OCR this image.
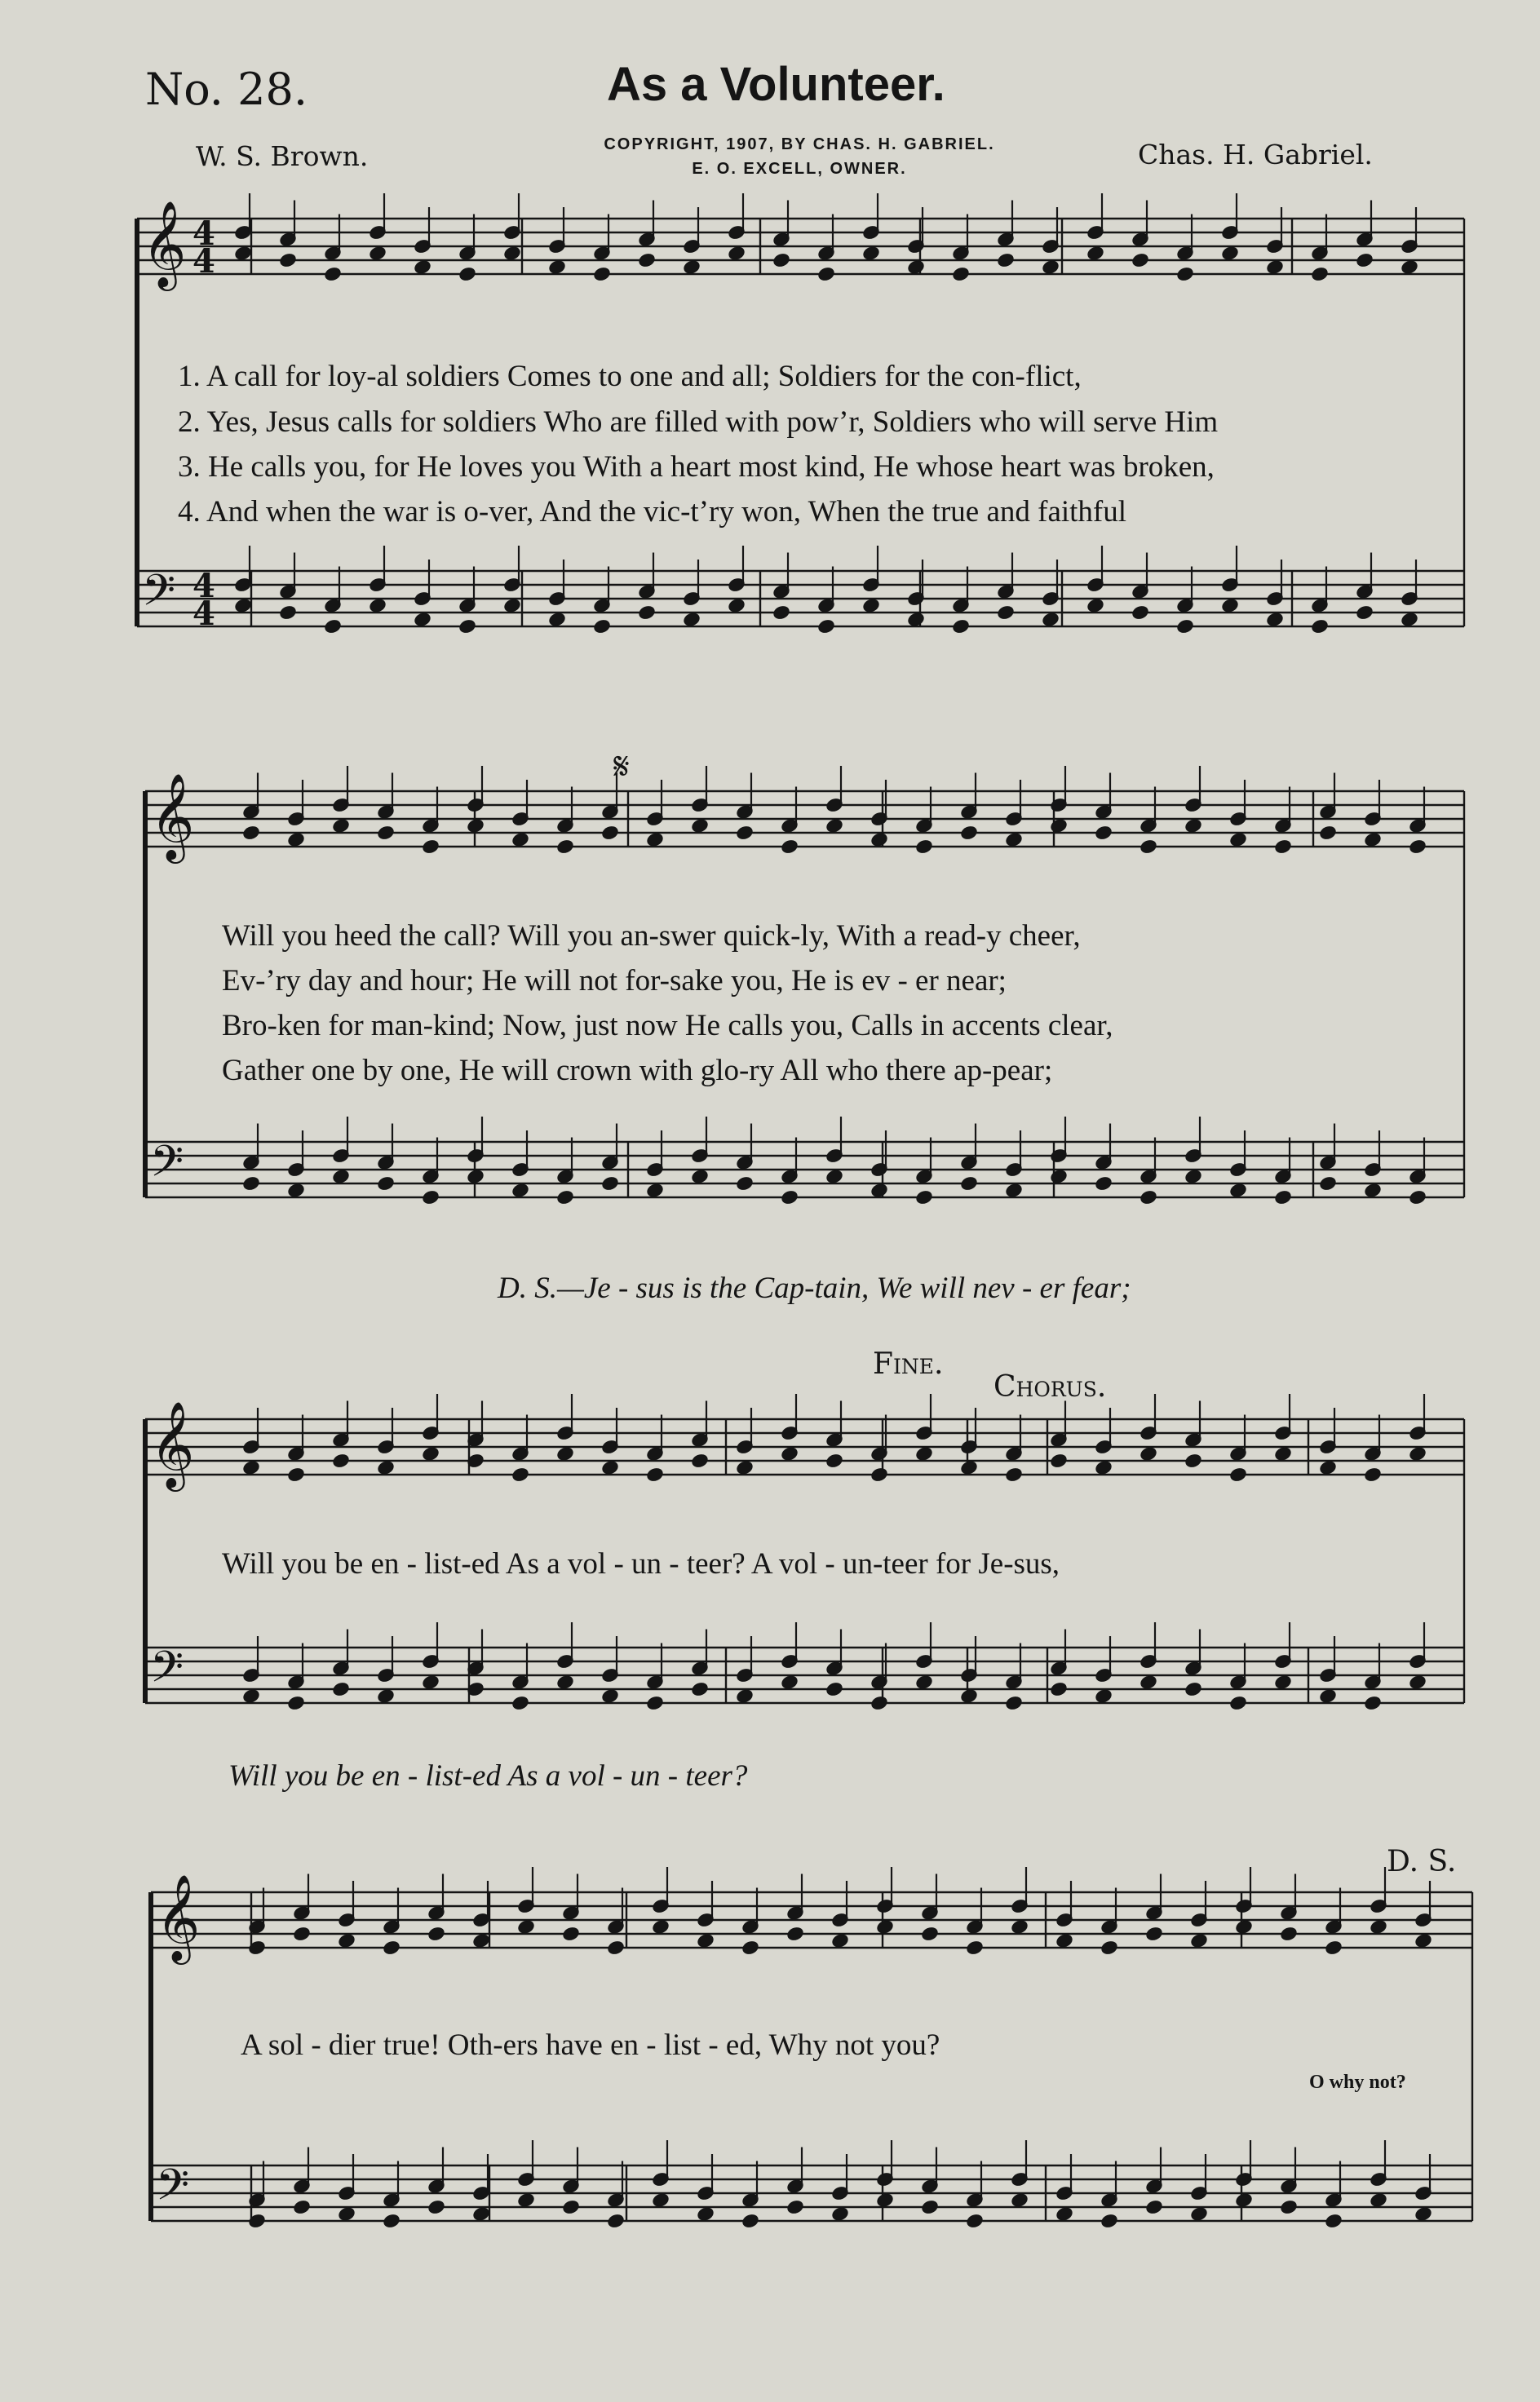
No. 28.	As a Volunteer.
W. S. Brown.	COPYRIGHT, 1907, BY CHAS. H. GABRIEL.
E. O. EXCELL, OWNER.	Chas. H. Gabriel.
𝄞
𝄢
𝄞
𝄢
𝄞
𝄢
𝄞
𝄢
4
4
4
4
𝄋
1. A call for loy-al soldiers Comes to one and all; Soldiers for the con-flict,
2. Yes, Jesus calls for soldiers Who are filled with pow’r, Soldiers who will serve Him
3. He calls you, for He loves you With a heart most kind, He whose heart was broken,
4. And when the war is o-ver, And the vic-t’ry won, When the true and faithful
Will you heed the call? Will you an-swer quick-ly, With a read-y cheer,
Ev-’ry day and hour; He will not for-sake you, He is ev - er near;
Bro-ken for man-kind; Now, just now He calls you, Calls in accents clear,
Gather one by one, He will crown with glo-ry All who there ap-pear;
D. S.—Je - sus is the Cap-tain, We will nev - er fear;
Fine.
Chorus.
Will you be en - list-ed As a vol - un - teer? A vol - un-teer for Je-sus,
Will you be en - list-ed As a vol - un - teer?
D. S.
A sol - dier true! Oth-ers have en - list - ed, Why not you?
O why not?
